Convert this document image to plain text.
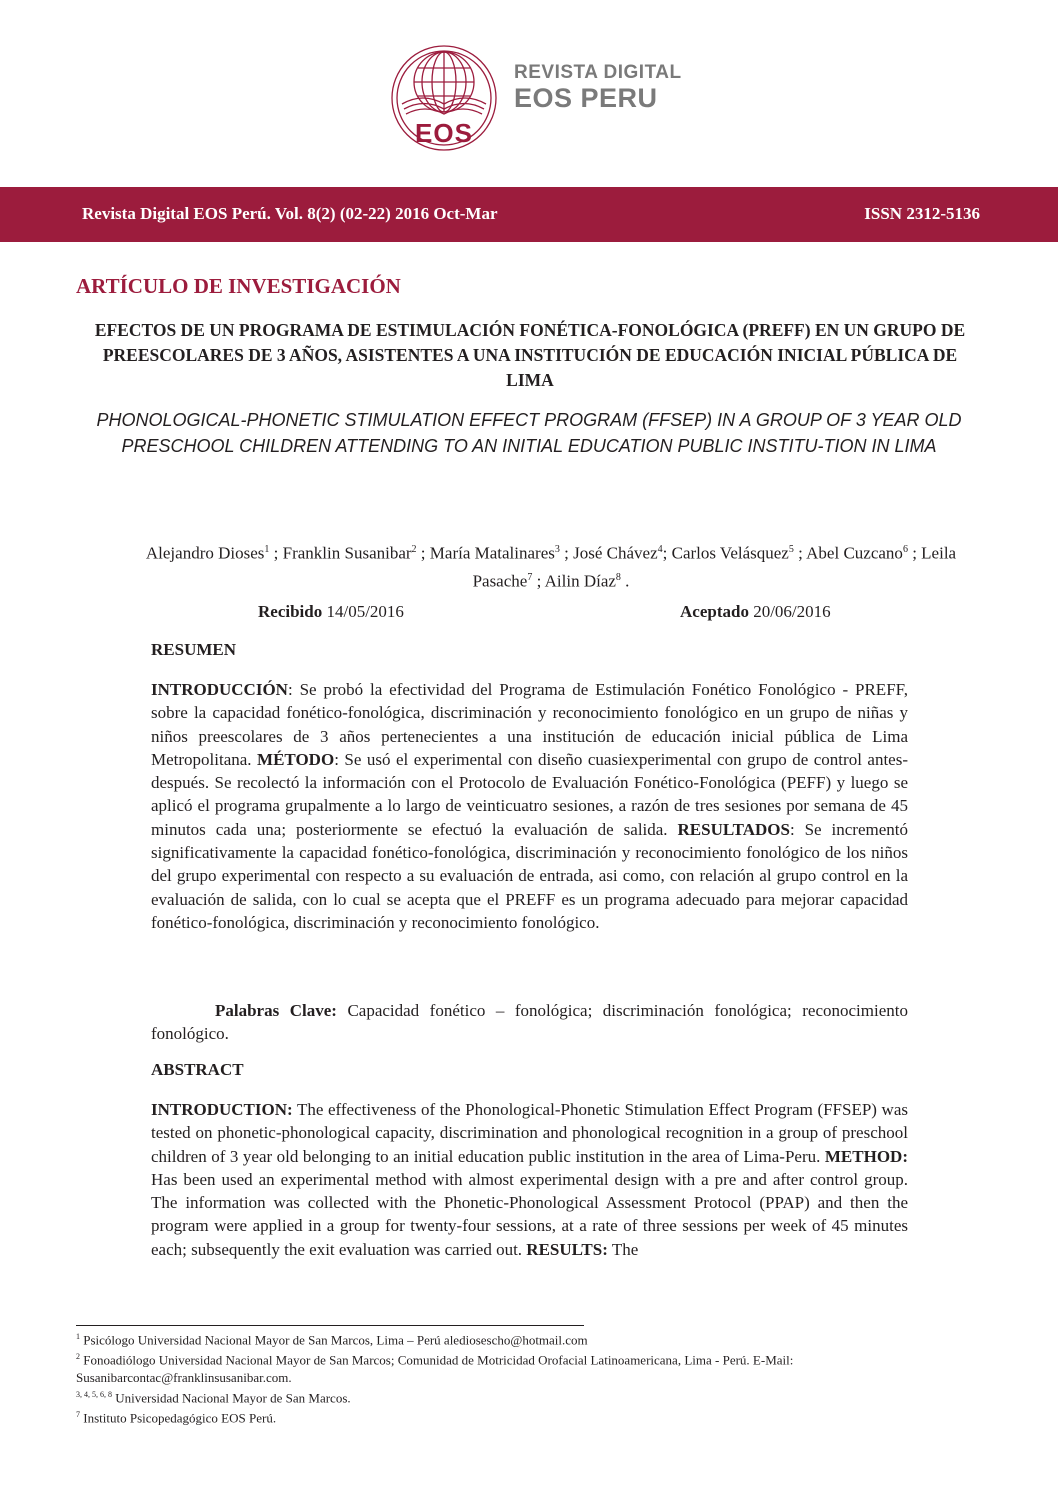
EOS
REVISTA DIGITAL
EOS PERU
Revista Digital EOS Perú. Vol. 8(2) (02-22) 2016 Oct-Mar	ISSN 2312-5136
ARTÍCULO DE INVESTIGACIÓN
EFECTOS DE UN PROGRAMA DE ESTIMULACIÓN FONÉTICA-FONOLÓGICA (PREFF) EN UN GRUPO DE PREESCOLARES DE 3 AÑOS, ASISTENTES A UNA INSTITUCIÓN DE EDUCACIÓN INICIAL PÚBLICA DE LIMA
PHONOLOGICAL-PHONETIC STIMULATION EFFECT PROGRAM (FFSEP) IN A GROUP OF 3 YEAR OLD PRESCHOOL CHILDREN ATTENDING TO AN INITIAL EDUCATION PUBLIC INSTITU-TION IN LIMA
Alejandro Dioses$^1$ ; Franklin Susanibar$^2$ ; María Matalinares$^3$ ; José Chávez$^4$; Carlos Velásquez$^5$ ; Abel Cuzcano$^6$ ; Leila Pasache$^7$ ; Ailin Díaz$^8$ .
Recibido 14/05/2016	Aceptado 20/06/2016
RESUMEN
INTRODUCCIÓN: Se probó la efectividad del Programa de Estimulación Fonético Fonológico - PREFF, sobre la capacidad fonético-fonológica, discriminación y reconocimiento fonológico en un grupo de niñas y niños preescolares de 3 años pertenecientes a una institución de educación inicial pública de Lima Metropolitana. MÉTODO: Se usó el experimental con diseño cuasiexperimental con grupo de control antes-después. Se recolectó la información con el Protocolo de Evaluación Fonético-Fonológica (PEFF) y luego se aplicó el programa grupalmente a lo largo de veinticuatro sesiones, a razón de tres sesiones por semana de 45 minutos cada una; posteriormente se efectuó la evaluación de salida. RESULTADOS: Se incrementó significativamente la capacidad fonético-fonológica, discriminación y reconocimiento fonológico de los niños del grupo experimental con respecto a su evaluación de entrada, asi como, con relación al grupo control en la evaluación de salida, con lo cual se acepta que el PREFF es un programa adecuado para mejorar capacidad fonético-fonológica, discriminación y reconocimiento fonológico.
Palabras Clave: Capacidad fonético – fonológica; discriminación fonológica; reconocimiento fonológico.
ABSTRACT
INTRODUCTION: The effectiveness of the Phonological-Phonetic Stimulation Effect Program (FFSEP) was tested on phonetic-phonological capacity, discrimination and phonological recognition in a group of preschool children of 3 year old belonging to an initial education public institution in the area of Lima-Peru. METHOD: Has been used an experimental method with almost experimental design with a pre and after control group. The information was collected with the Phonetic-Phonological Assessment Protocol (PPAP) and then the program were applied in a group for twenty-four sessions, at a rate of three sessions per week of 45 minutes each; subsequently the exit evaluation was carried out. RESULTS: The
$^1$ Psicólogo Universidad Nacional Mayor de San Marcos, Lima – Perú alediosescho@hotmail.com
$^2$ Fonoadiólogo Universidad Nacional Mayor de San Marcos; Comunidad de Motricidad Orofacial Latinoamericana, Lima - Perú. E-Mail: Susanibarcontac@franklinsusanibar.com.
$^{3, 4, 5, 6, 8}$ Universidad Nacional Mayor de San Marcos.
$^7$ Instituto Psicopedagógico EOS Perú.
